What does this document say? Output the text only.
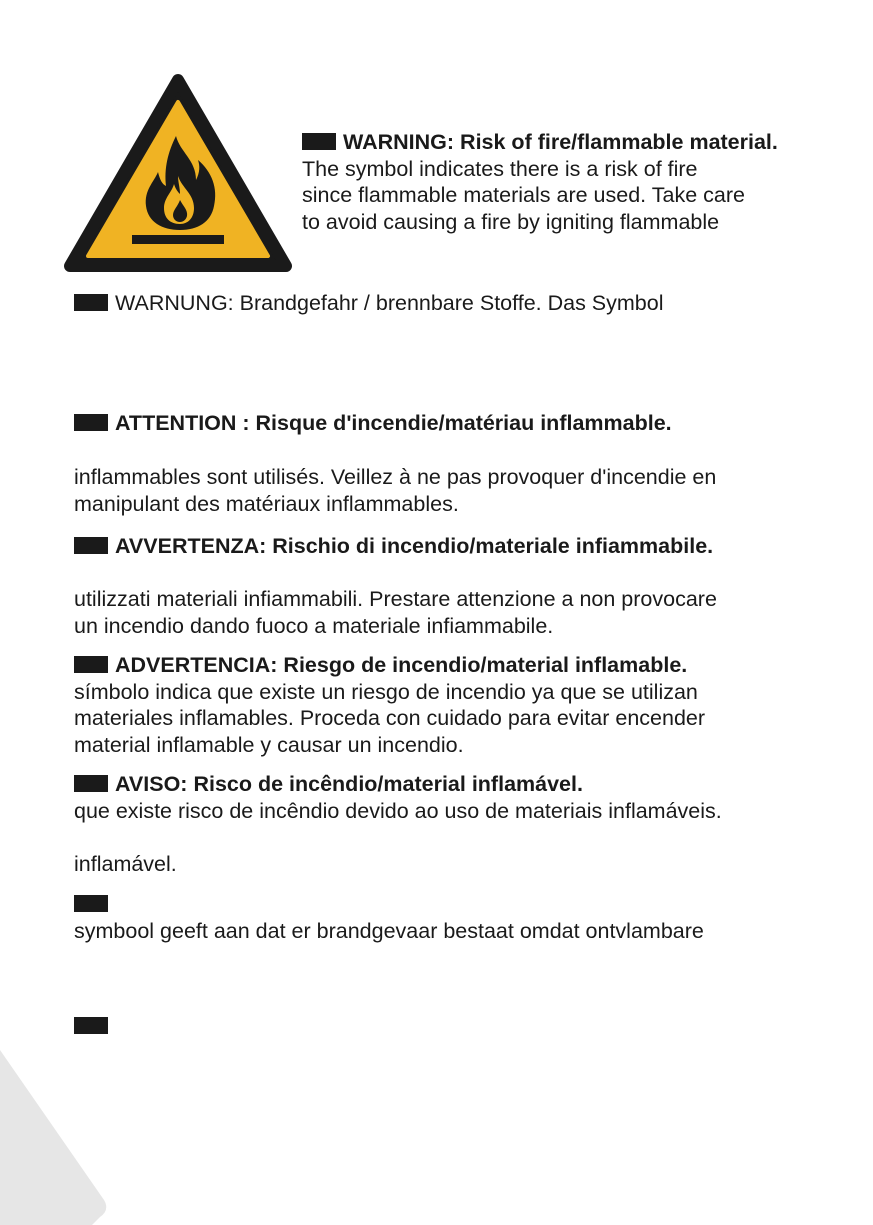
WARNING: Risk of fire/flammable material.
The symbol indicates there is a risk of fire
since flammable materials are used. Take care
to avoid causing a fire by igniting flammable
WARNUNG: Brandgefahr / brennbare Stoffe. Das Symbol
ATTENTION : Risque d'incendie/matériau inflammable.
inflammables sont utilisés. Veillez à ne pas provoquer d'incendie en
manipulant des matériaux inflammables.
AVVERTENZA: Rischio di incendio/materiale infiammabile.
utilizzati materiali infiammabili. Prestare attenzione a non provocare
un incendio dando fuoco a materiale infiammabile.
ADVERTENCIA: Riesgo de incendio/material inflamable.
símbolo indica que existe un riesgo de incendio ya que se utilizan
materiales inflamables. Proceda con cuidado para evitar encender
material inflamable y causar un incendio.
AVISO: Risco de incêndio/material inflamável.
que existe risco de incêndio devido ao uso de materiais inflamáveis.
inflamável.
symbool geeft aan dat er brandgevaar bestaat omdat ontvlambare
